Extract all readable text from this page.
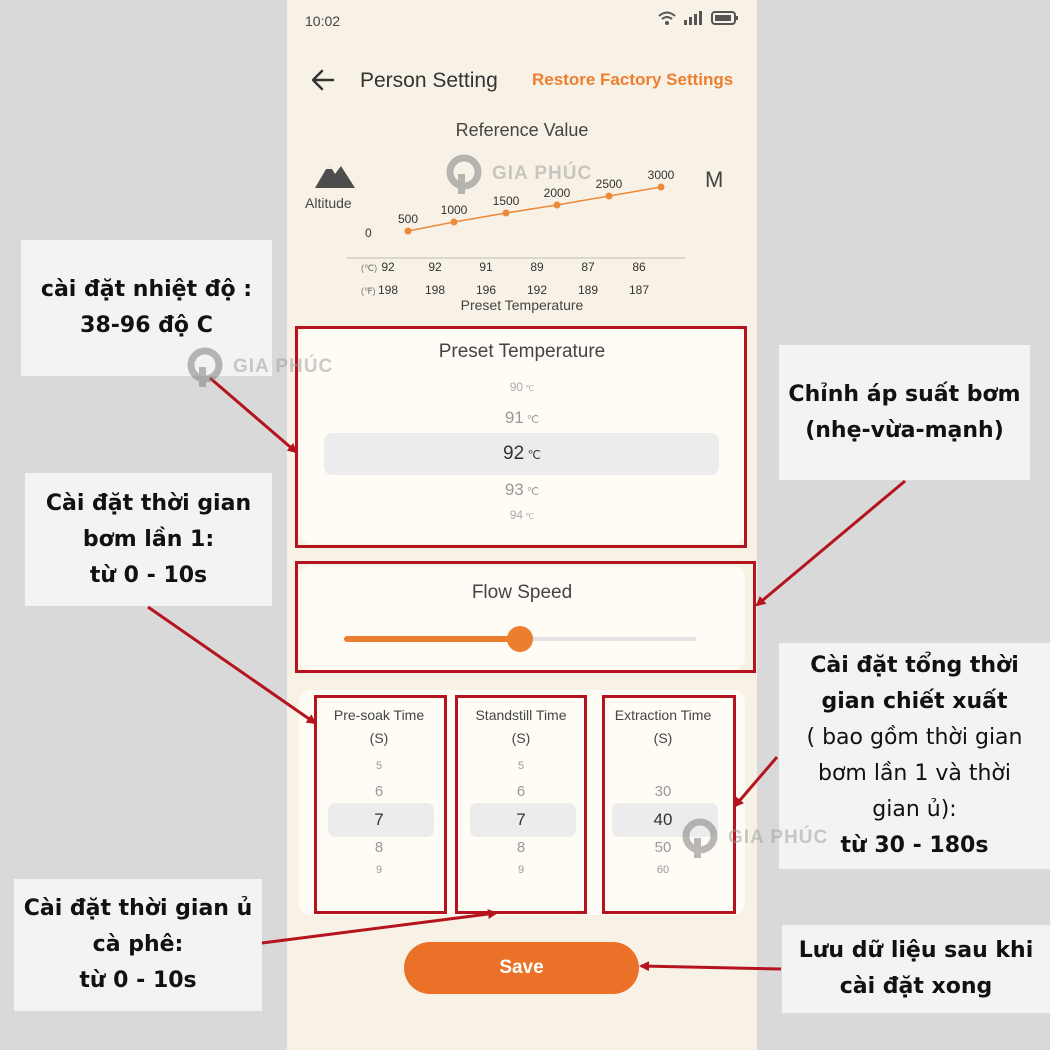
10:02
Person Setting Restore Factory Settings
Reference Value
Altitude
M
0
500
1000
1500
2000
2500
3000
(℃)
(℉)
92	92	91	89	87	86
198	198	196	192	189	187
Preset Temperature
Preset Temperature
90 ℃
91 ℃
92 ℃
93 ℃
94 ℃
Flow Speed
Pre-soak Time
(S)
5
6
7
8
9
Standstill Time
(S)
5
6
7
8
9
Extraction Time
(S)
30
40
50
60
Save
cài đặt nhiệt độ :
38-96 độ C
Chỉnh áp suất bơm
(nhẹ-vừa-mạnh)
Cài đặt thời gian
bơm lần 1:
từ 0 - 10s
Cài đặt tổng thời
gian chiết xuất
( bao gồm thời gian
bơm lần 1 và thời
gian ủ):
từ 30 - 180s
Cài đặt thời gian ủ
cà phê:
từ 0 - 10s
Lưu dữ liệu sau khi
cài đặt xong
GIA PHÚC
GIA PHÚC
GIA PHÚC
